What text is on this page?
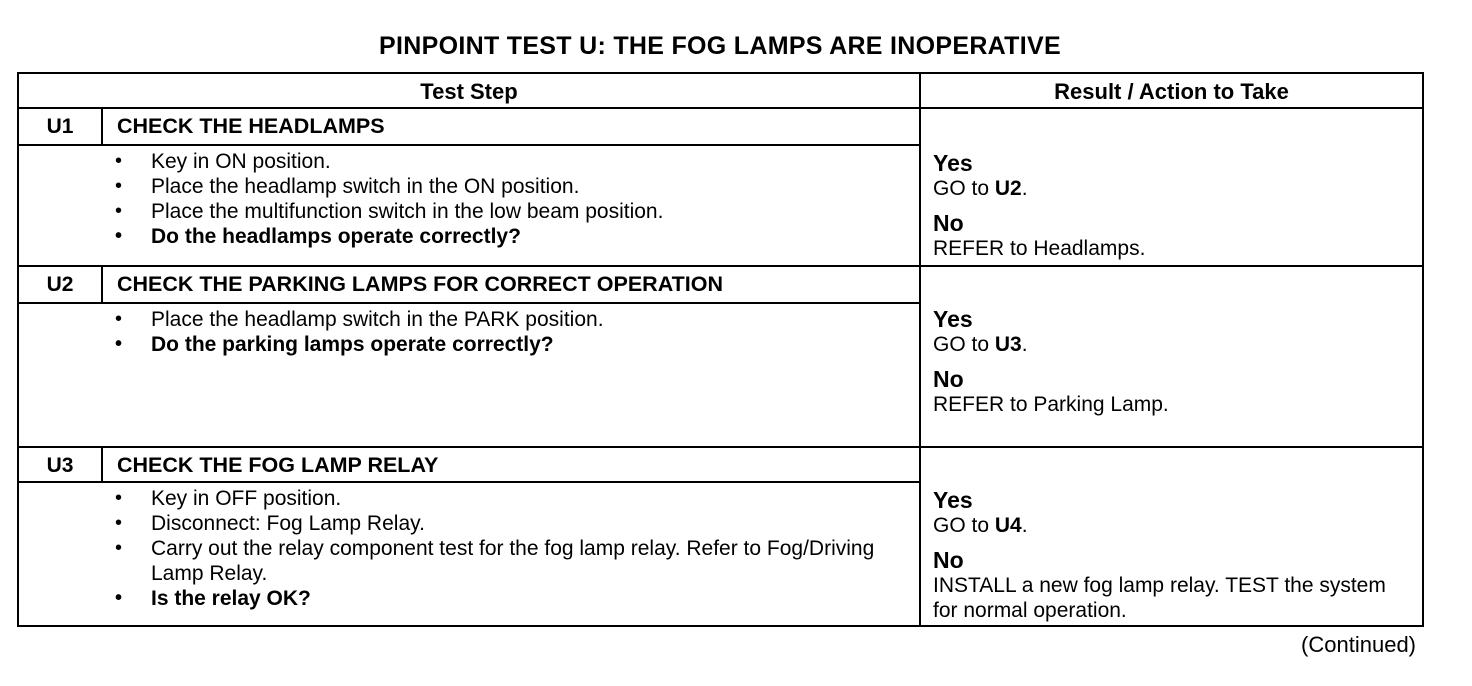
PINPOINT TEST U: THE FOG LAMPS ARE INOPERATIVE
Test Step	Result / Action to Take
U1	CHECK THE HEADLAMPS
• Key in ON position.
• Place the headlamp switch in the ON position.
• Place the multifunction switch in the low beam position.
• Do the headlamps operate correctly?
Yes
GO to U2.
No
REFER to Headlamps.
U2	CHECK THE PARKING LAMPS FOR CORRECT OPERATION
• Place the headlamp switch in the PARK position.
• Do the parking lamps operate correctly?
Yes
GO to U3.
No
REFER to Parking Lamp.
U3	CHECK THE FOG LAMP RELAY
• Key in OFF position.
• Disconnect: Fog Lamp Relay.
• Carry out the relay component test for the fog lamp relay. Refer to Fog/Driving Lamp Relay.
• Is the relay OK?
Yes
GO to U4.
No
INSTALL a new fog lamp relay. TEST the system for normal operation.
(Continued)
